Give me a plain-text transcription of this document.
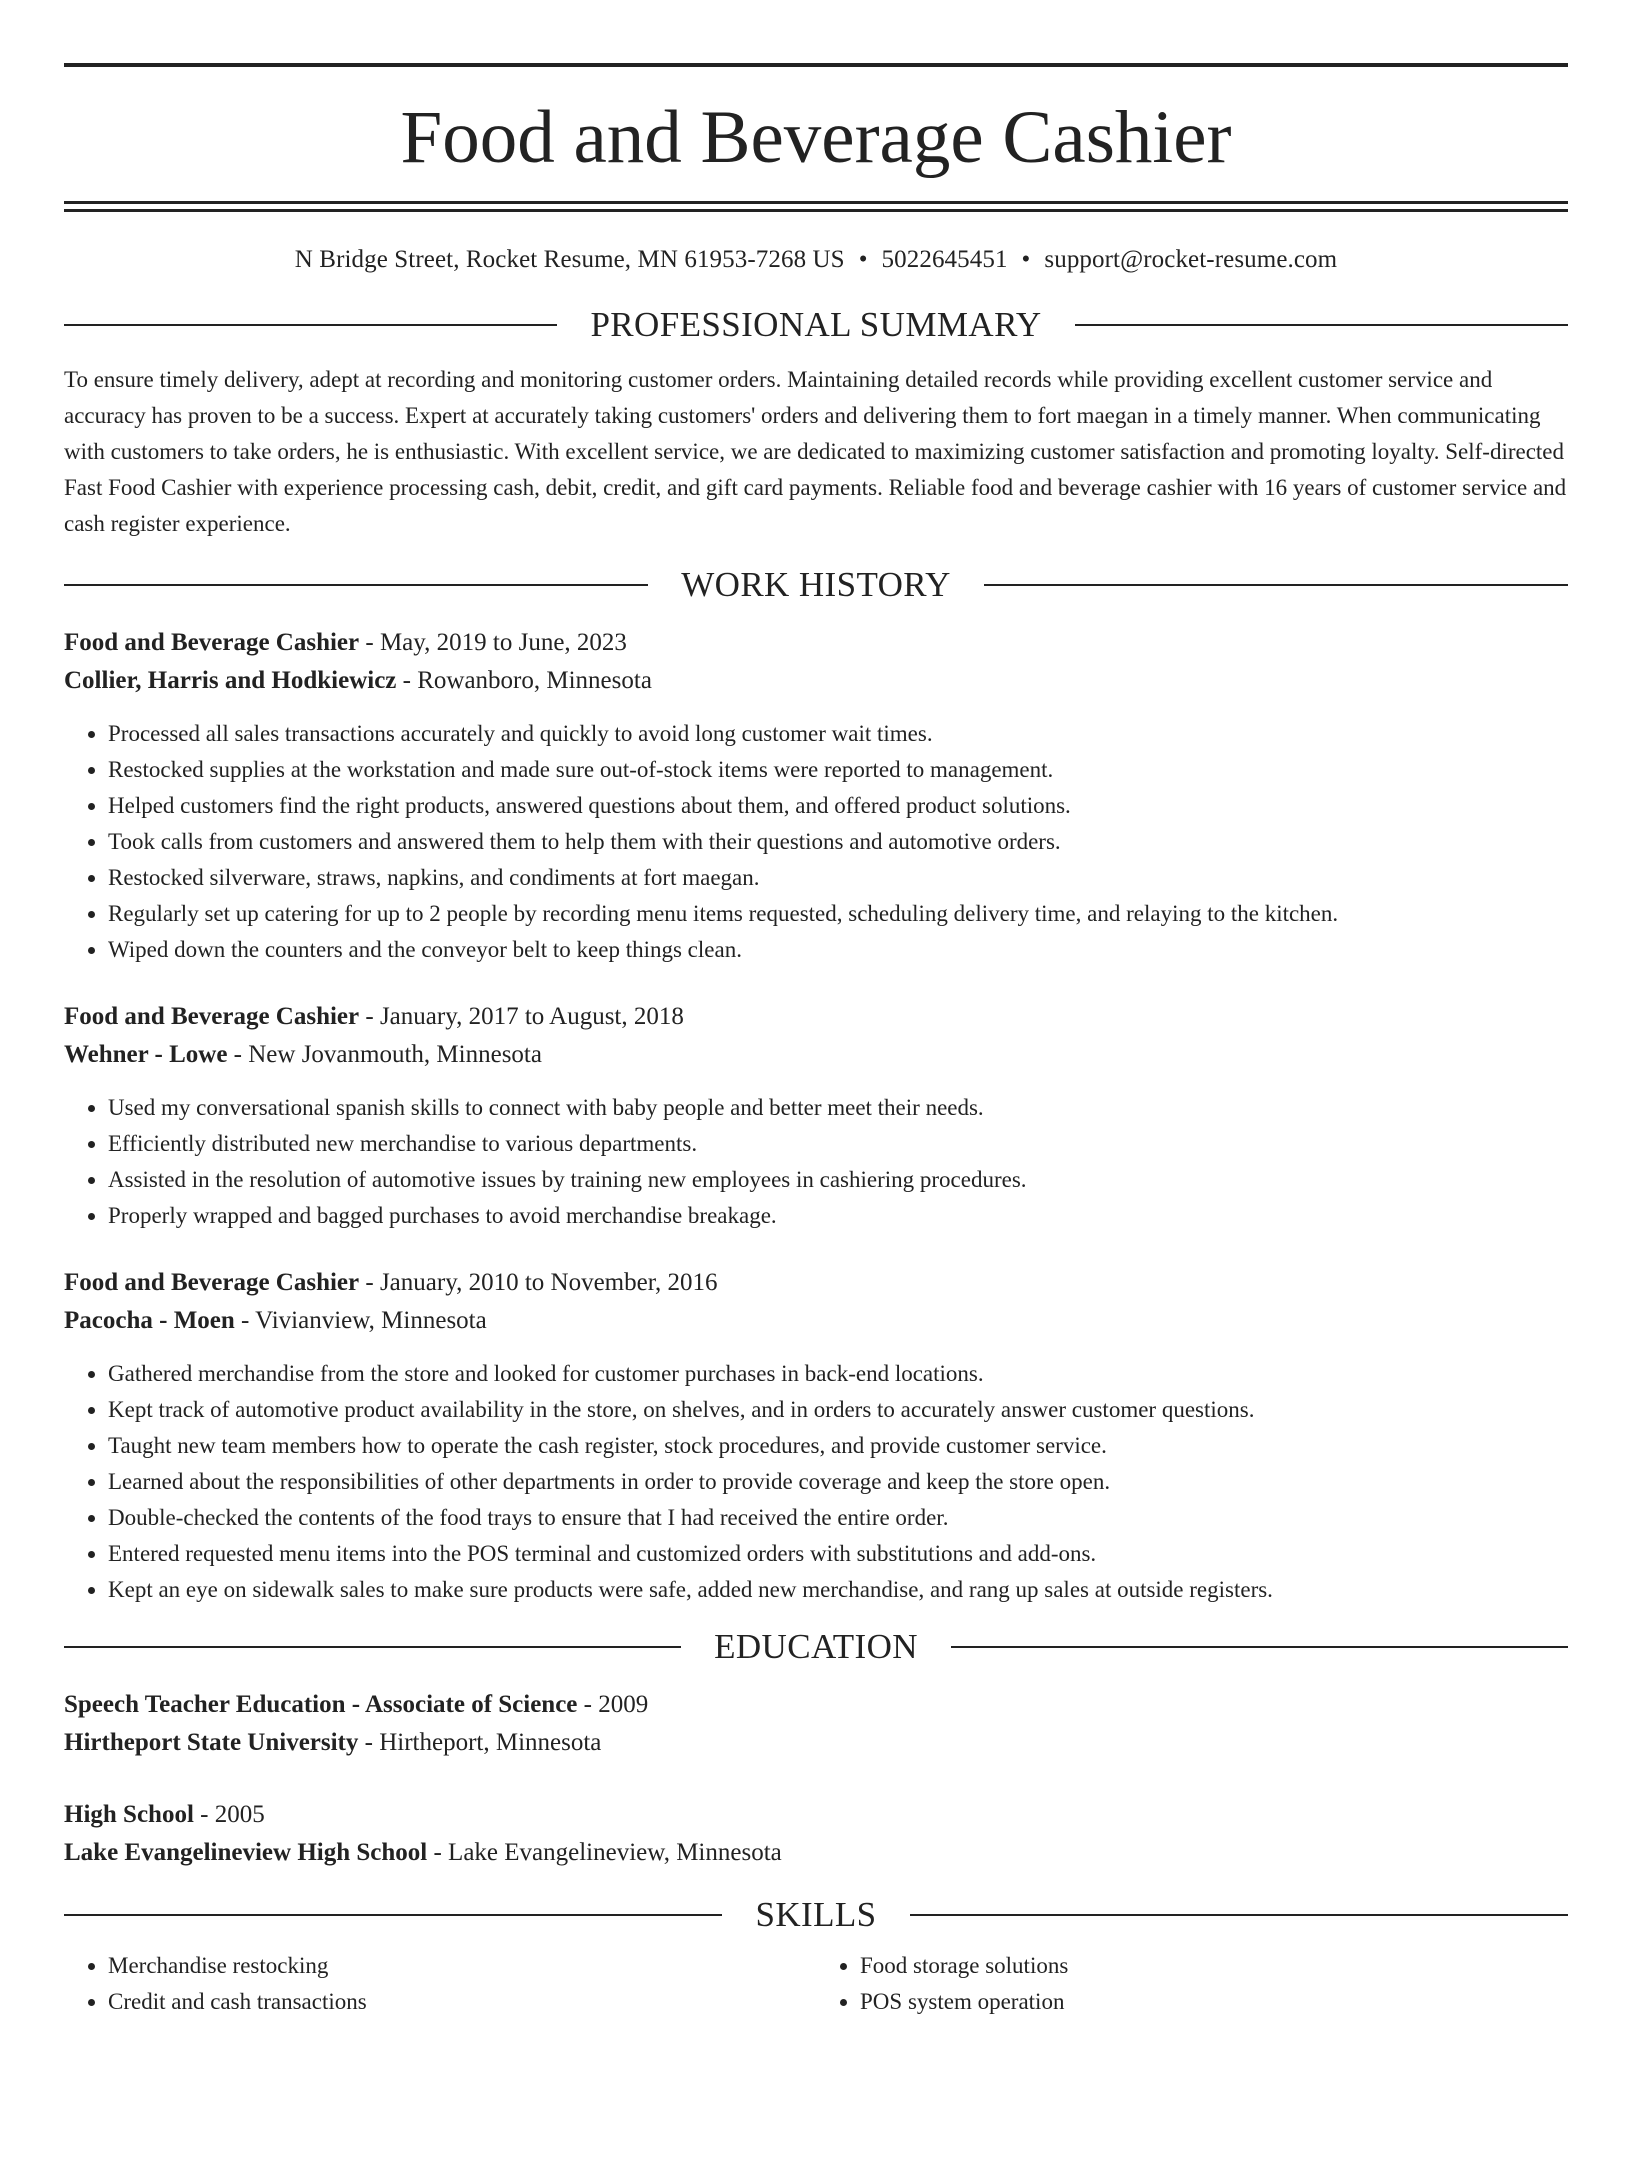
Food and Beverage Cashier
N Bridge Street, Rocket Resume, MN 61953-7268 US • 5022645451 • support@rocket-resume.com
PROFESSIONAL SUMMARY

To ensure timely delivery, adept at recording and monitoring customer orders. Maintaining detailed records while providing excellent customer service and accuracy has proven to be a success. Expert at accurately taking customers' orders and delivering them to fort maegan in a timely manner. When communicating with customers to take orders, he is enthusiastic. With excellent service, we are dedicated to maximizing customer satisfaction and promoting loyalty. Self-directed Fast Food Cashier with experience processing cash, debit, credit, and gift card payments. Reliable food and beverage cashier with 16 years of customer service and cash register experience.

WORK HISTORY
Food and Beverage Cashier - May, 2019 to June, 2023
Collier, Harris and Hodkiewicz - Rowanboro, Minnesota
• Processed all sales transactions accurately and quickly to avoid long customer wait times.
• Restocked supplies at the workstation and made sure out-of-stock items were reported to management.
• Helped customers find the right products, answered questions about them, and offered product solutions.
• Took calls from customers and answered them to help them with their questions and automotive orders.
• Restocked silverware, straws, napkins, and condiments at fort maegan.
• Regularly set up catering for up to 2 people by recording menu items requested, scheduling delivery time, and relaying to the kitchen.
• Wiped down the counters and the conveyor belt to keep things clean.
Food and Beverage Cashier - January, 2017 to August, 2018
Wehner - Lowe - New Jovanmouth, Minnesota
• Used my conversational spanish skills to connect with baby people and better meet their needs.
• Efficiently distributed new merchandise to various departments.
• Assisted in the resolution of automotive issues by training new employees in cashiering procedures.
• Properly wrapped and bagged purchases to avoid merchandise breakage.
Food and Beverage Cashier - January, 2010 to November, 2016
Pacocha - Moen - Vivianview, Minnesota
• Gathered merchandise from the store and looked for customer purchases in back-end locations.
• Kept track of automotive product availability in the store, on shelves, and in orders to accurately answer customer questions.
• Taught new team members how to operate the cash register, stock procedures, and provide customer service.
• Learned about the responsibilities of other departments in order to provide coverage and keep the store open.
• Double-checked the contents of the food trays to ensure that I had received the entire order.
• Entered requested menu items into the POS terminal and customized orders with substitutions and add-ons.
• Kept an eye on sidewalk sales to make sure products were safe, added new merchandise, and rang up sales at outside registers.
EDUCATION
Speech Teacher Education - Associate of Science - 2009
Hirtheport State University - Hirtheport, Minnesota
High School - 2005
Lake Evangelineview High School - Lake Evangelineview, Minnesota
SKILLS
• Merchandise restocking
• Credit and cash transactions
• Food storage solutions
• POS system operation
